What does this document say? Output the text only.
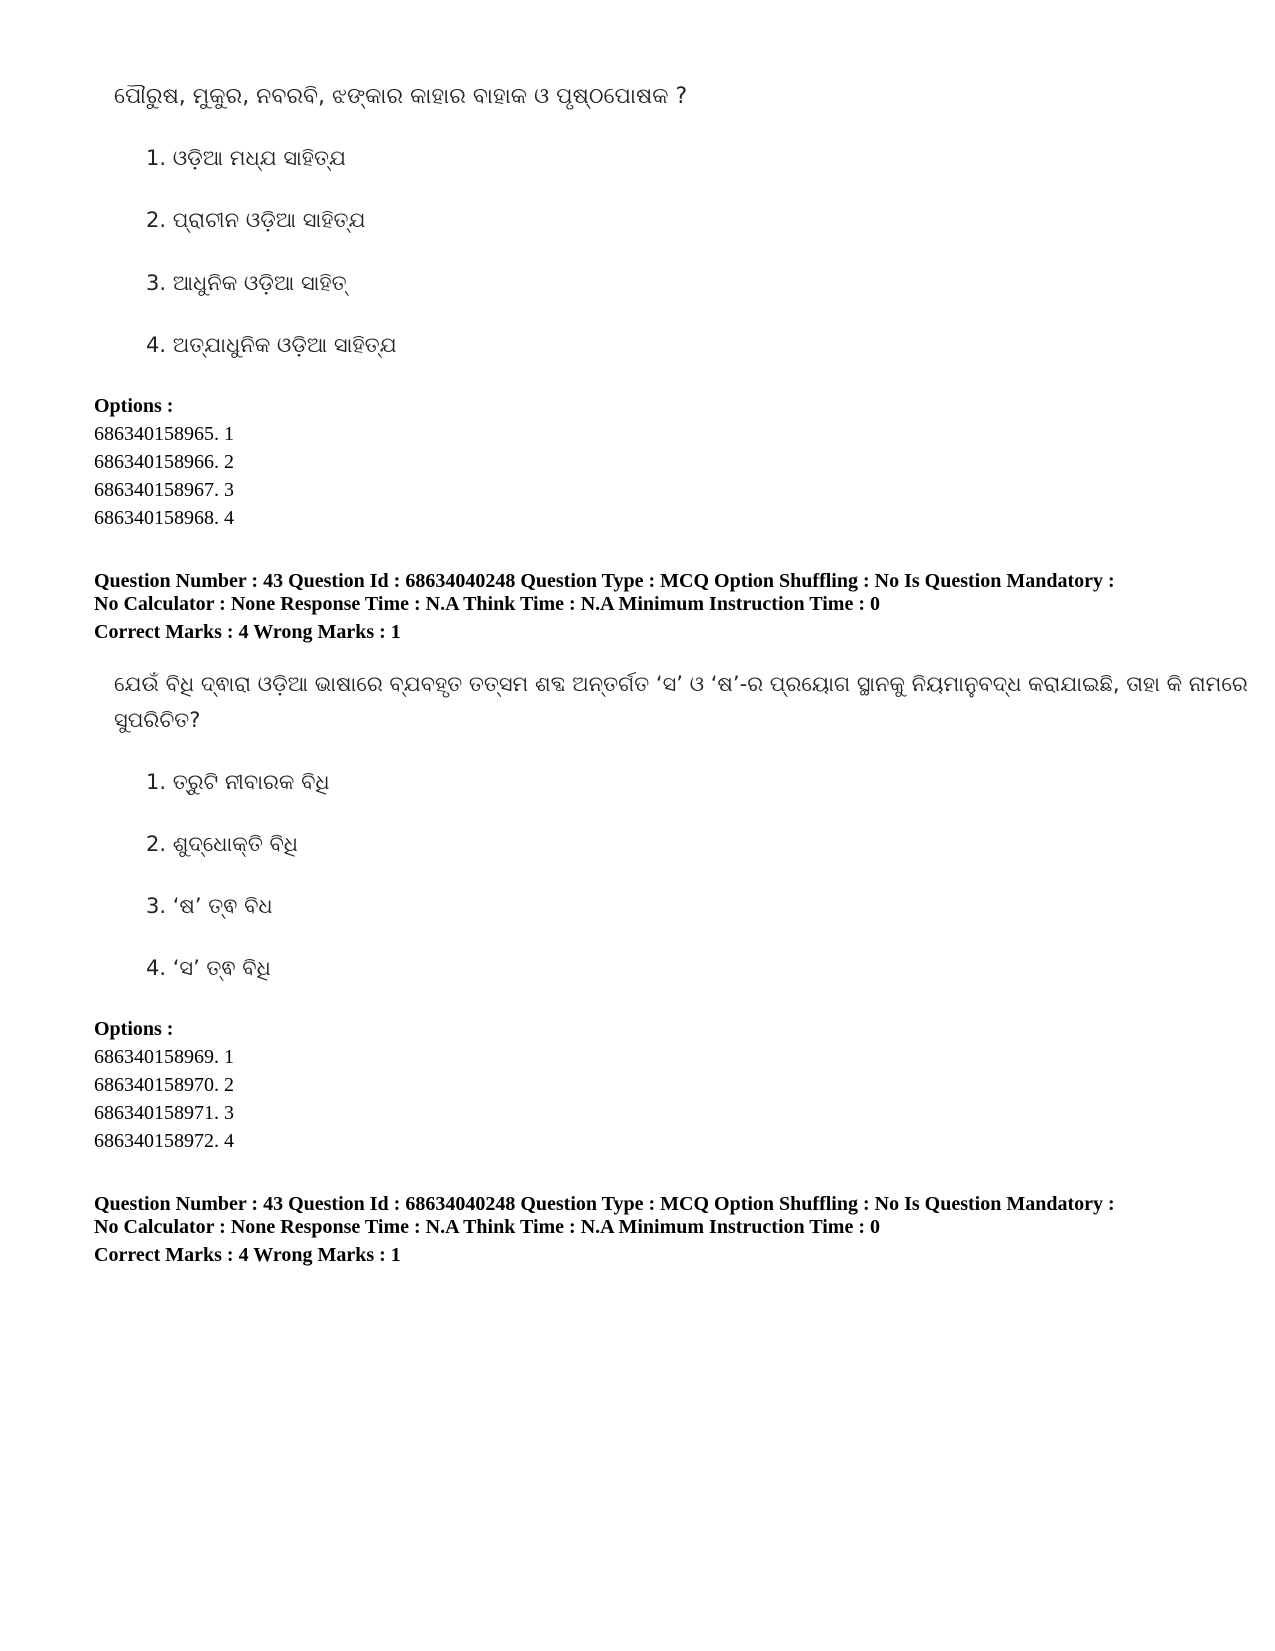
ପୌରୁଷ, ମୁକୁର, ନବରବି, ଝଙ୍କାର କାହାର ବାହାକ ଓ ପୃଷ୍ଠପୋଷକ ?
1. ଓଡ଼ିଆ ମଧ୍ଯ ସାହିତ୍ଯ
2. ପ୍ରାଚୀନ ଓଡ଼ିଆ ସାହିତ୍ଯ
3. ଆଧୁନିକ ଓଡ଼ିଆ ସାହିତ୍
4. ଅତ୍ଯାଧୁନିକ ଓଡ଼ିଆ ସାହିତ୍ଯ
Options :
686340158965. 1
686340158966. 2
686340158967. 3
686340158968. 4
Question Number : 43 Question Id : 68634040248 Question Type : MCQ Option Shuffling : No Is Question Mandatory :
No Calculator : None Response Time : N.A Think Time : N.A Minimum Instruction Time : 0
Correct Marks : 4 Wrong Marks : 1
ଯେଉଁ ବିଧି ଦ୍ଵାରା ଓଡ଼ିଆ ଭାଷାରେ ବ୍ଯବହୃତ ତତ୍ସମ ଶବ୍ଦ ଅନ୍ତର୍ଗତ ‘ସ’ ଓ ‘ଷ’-ର ପ୍ରୟୋଗ ସ୍ଥାନକୁ ନିୟମାନୁବଦ୍ଧ କରାଯାଇଛି, ତାହା କି ନାମରେ
ସୁପରିଚିତ?
1. ତ୍ରୁଟି ନୀବାରକ ବିଧି
2. ଶୁଦ୍ଧୋକ୍ତି ବିଧି
3. ‘ଷ’ ତ୍ଵ ବିଧ
4. ‘ସ’ ତ୍ଵ ବିଧି
Options :
686340158969. 1
686340158970. 2
686340158971. 3
686340158972. 4
Question Number : 43 Question Id : 68634040248 Question Type : MCQ Option Shuffling : No Is Question Mandatory :
No Calculator : None Response Time : N.A Think Time : N.A Minimum Instruction Time : 0
Correct Marks : 4 Wrong Marks : 1
